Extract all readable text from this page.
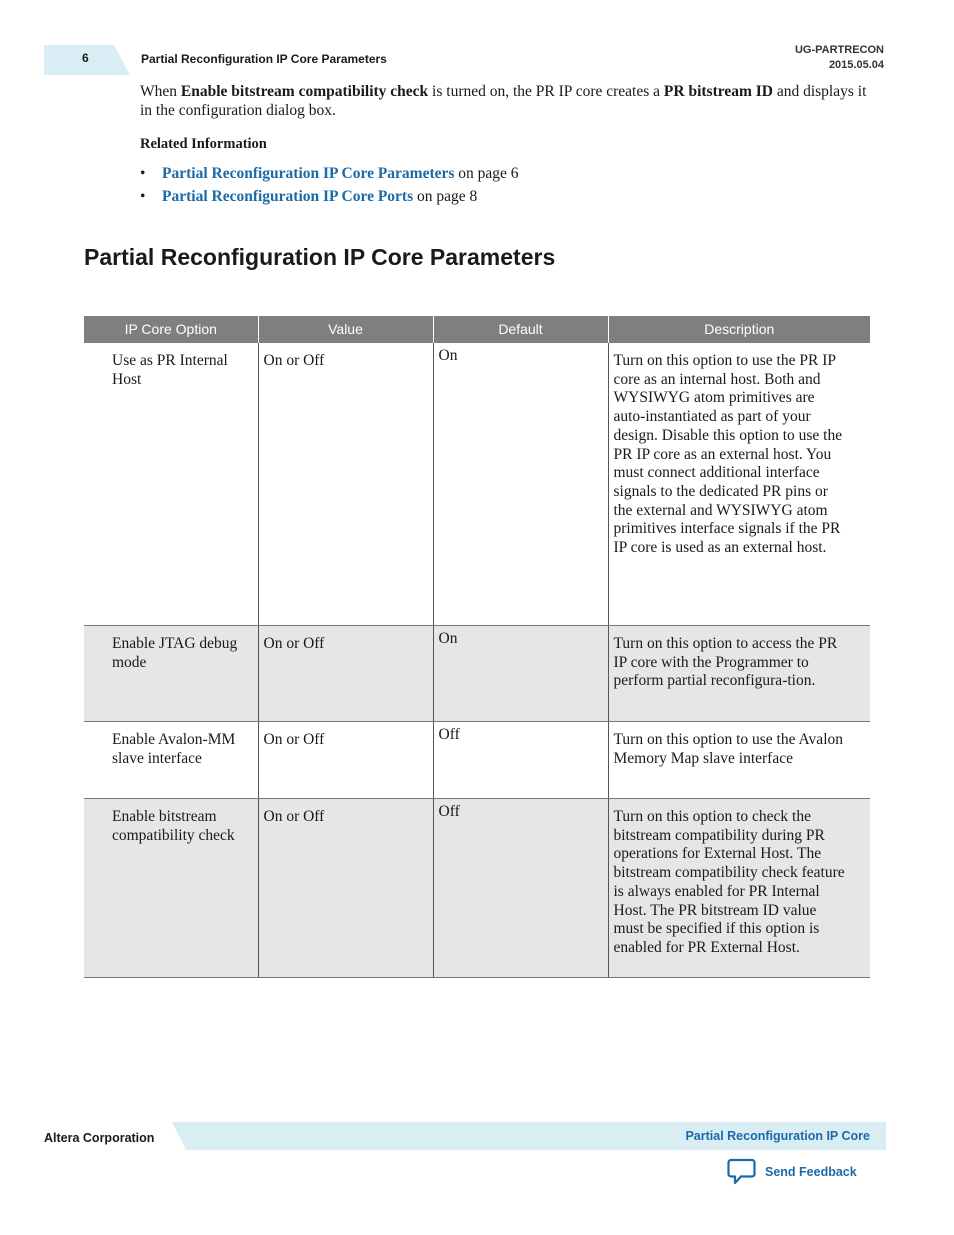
6	Partial Reconfiguration IP Core Parameters
UG-PARTRECON
2015.05.04

When Enable bitstream compatibility check is turned on, the PR IP core creates a PR bitstream ID and displays it in the configuration dialog box.

Related Information
• Partial Reconfiguration IP Core Parameters on page 6
• Partial Reconfiguration IP Core Ports on page 8
Partial Reconfiguration IP Core Parameters
IP Core Option	Value	Default	Description
Use as PR Internal Host	On or Off	On	Turn on this option to use the PR IP core as an internal host. Both and WYSIWYG atom primitives are auto-instantiated as part of your design. Disable this option to use the PR IP core as an external host. You must connect additional interface signals to the dedicated PR pins or the external and WYSIWYG atom primitives interface signals if the PR IP core is used as an external host.
Enable JTAG debug mode	On or Off	On	Turn on this option to access the PR IP core with the Programmer to perform partial reconfigura-tion.
Enable Avalon-MM slave interface	On or Off	Off	Turn on this option to use the Avalon Memory Map slave interface
Enable bitstream compatibility check	On or Off	Off	Turn on this option to check the bitstream compatibility during PR operations for External Host. The bitstream compatibility check feature is always enabled for PR Internal Host. The PR bitstream ID value must be specified if this option is enabled for PR External Host.
Altera Corporation	Partial Reconfiguration IP Core
Send Feedback
